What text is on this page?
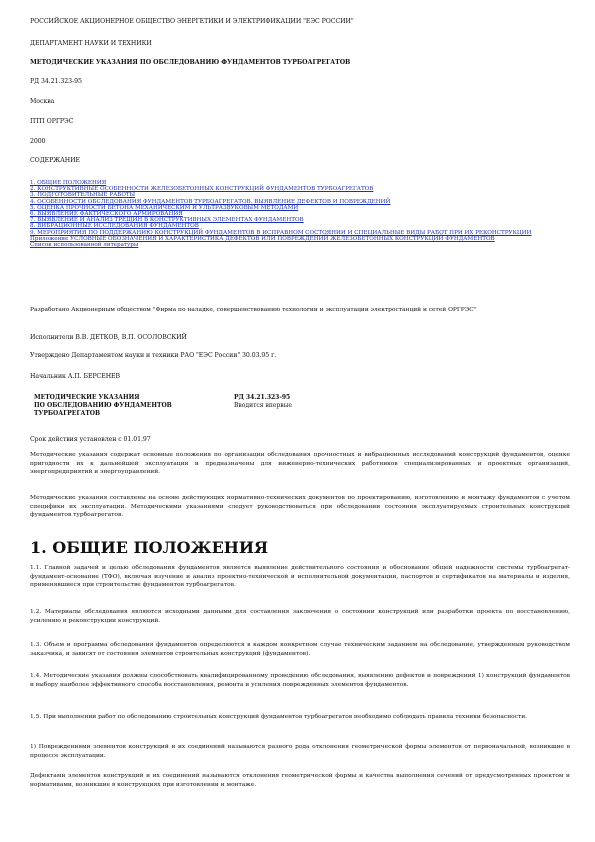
РОССИЙСКОЕ АКЦИОНЕРНОЕ ОБЩЕСТВО ЭНЕРГЕТИКИ И ЭЛЕКТРИФИКАЦИИ "ЕЭС РОССИИ"
ДЕПАРТАМЕНТ НАУКИ И ТЕХНИКИ
МЕТОДИЧЕСКИЕ УКАЗАНИЯ ПО ОБСЛЕДОВАНИЮ ФУНДАМЕНТОВ ТУРБОАГРЕГАТОВ
РД 34.21.323-95
Москва
ПТП ОРГРЭС
2000
СОДЕРЖАНИЕ
1. ОБЩИЕ ПОЛОЖЕНИЯ
2. КОНСТРУКТИВНЫЕ ОСОБЕННОСТИ ЖЕЛЕЗОБЕТОННЫХ КОНСТРУКЦИЙ ФУНДАМЕНТОВ ТУРБОАГРЕГАТОВ
3. ПОДГОТОВИТЕЛЬНЫЕ РАБОТЫ
4. ОСОБЕННОСТИ ОБСЛЕДОВАНИЯ ФУНДАМЕНТОВ ТУРБОАГРЕГАТОВ. ВЫЯВЛЕНИЕ ДЕФЕКТОВ И ПОВРЕЖДЕНИЙ
5. ОЦЕНКА ПРОЧНОСТИ БЕТОНА МЕХАНИЧЕСКИМ И УЛЬТРАЗВУКОВЫМ МЕТОДАМИ
6. ВЫЯВЛЕНИЕ ФАКТИЧЕСКОГО АРМИРОВАНИЯ
7. ВЫЯВЛЕНИЕ И АНАЛИЗ ТРЕЩИН В КОНСТРУКТИВНЫХ ЭЛЕМЕНТАХ ФУНДАМЕНТОВ
8. ВИБРАЦИОННЫЕ ИССЛЕДОВАНИЯ ФУНДАМЕНТОВ
9. МЕРОПРИЯТИЯ ПО ПОДДЕРЖАНИЮ КОНСТРУКЦИЙ ФУНДАМЕНТОВ В ИСПРАВНОМ СОСТОЯНИИ И СПЕЦИАЛЬНЫЕ ВИДЫ РАБОТ ПРИ ИХ РЕКОНСТРУКЦИИ
Приложение УСЛОВНЫЕ ОБОЗНАЧЕНИЯ И ХАРАКТЕРИСТИКА ДЕФЕКТОВ ИЛИ ПОВРЕЖДЕНИЙ ЖЕЛЕЗОБЕТОННЫХ КОНСТРУКЦИЙ ФУНДАМЕНТОВ
Список использованной литературы
Разработано Акционерным обществом "Фирма по наладке, совершенствованию технологии и эксплуатации электростанций и сетей ОРГРЭС"
Исполнители В.В. ДЕТКОВ, В.П. ОСОЛОВСКИЙ
Утверждено Департаментом науки и техники РАО "ЕЭС России" 30.03.95 г.
Начальник А.П. БЕРСЕНЕВ
МЕТОДИЧЕСКИЕ УКАЗАНИЯ
ПО ОБСЛЕДОВАНИЮ ФУНДАМЕНТОВ
ТУРБОАГРЕГАТОВ
РД 34.21.323-95
Вводится впервые
Срок действия установлен с 01.01.97
Методические указания содержат основные положения по организации обследования прочностных и вибрационных исследований конструкций фундаментов, оценке пригодности их к дальнейшей эксплуатации и предназначены для инженерно-технических работников специализированных и проектных организаций, энергопредприятий и энергоуправлений.
Методические указания составлены на основе действующих нормативно-технических документов по проектированию, изготовлению и монтажу фундаментов с учетом специфики их эксплуатации. Методическими указаниями следует руководствоваться при обследовании состояния эксплуатируемых строительных конструкций фундаментов турбоагрегатов.
1. ОБЩИЕ ПОЛОЖЕНИЯ
1.1. Главной задачей и целью обследования фундаментов является выявление действительного состояния и обоснование общей надежности системы турбоагрегат-фундамент-основание (ТФО), включая изучение и анализ проектно-технической и исполнительной документации, паспортов и сертификатов на материалы и изделия, применявшиеся при строительстве фундаментов турбоагрегатов.
1.2. Материалы обследования являются исходными данными для составления заключения о состоянии конструкций или разработки проекта по восстановлению, усилению и реконструкции конструкций.
1.3. Объем и программа обследования фундаментов определяются в каждом конкретном случае техническим заданием на обследование, утвержденным руководством заказчика, и зависят от состояния элементов строительных конструкций (фундаментов).
1.4. Методические указания должны способствовать квалифицированному проведению обследования, выявлению дефектов и повреждений 1) конструкций фундаментов и выбору наиболее эффективного способа восстановления, ремонта и усиления поврежденных элементов фундаментов.
1.5. При выполнении работ по обследованию строительных конструкций фундаментов турбоагрегатов необходимо соблюдать правила техники безопасности.
1) Повреждениями элементов конструкций и их соединений называются разного рода отклонения геометрической формы элементов от первоначальной, возникшие в процессе эксплуатации.
Дефектами элементов конструкций и их соединений называются отклонения геометрической формы и качества выполнения сечений от предусмотренных проектом и нормативами, возникшие в конструкциях при изготовлении и монтаже.
